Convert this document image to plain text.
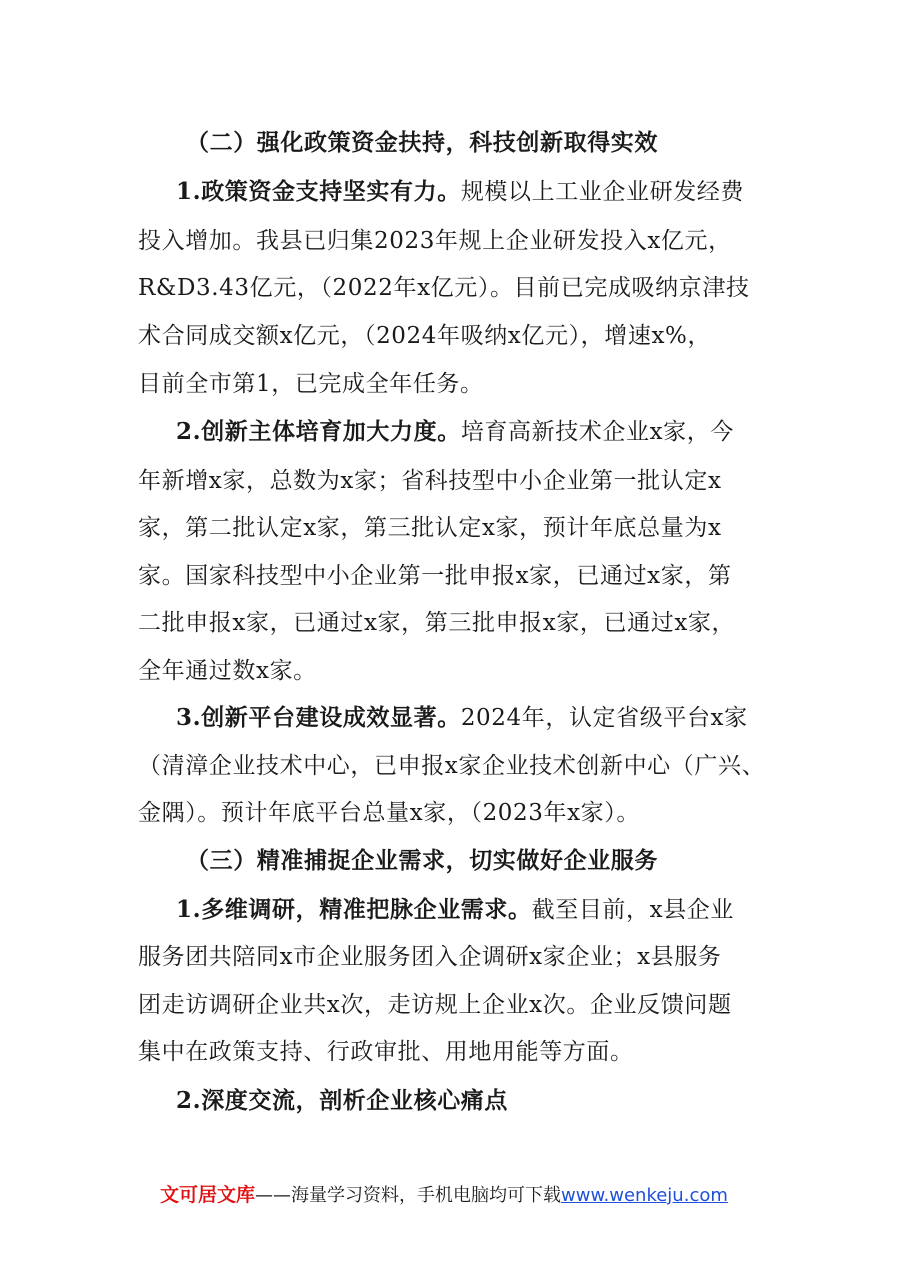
（二）强化政策资金扶持，科技创新取得实效
1.政策资金支持坚实有力。规模以上工业企业研发经费
投入增加。我县已归集2023年规上企业研发投入x亿元，
R&D3.43亿元，（2022年x亿元）。目前已完成吸纳京津技
术合同成交额x亿元，（2024年吸纳x亿元），增速x%，
目前全市第1，已完成全年任务。
2.创新主体培育加大力度。培育高新技术企业x家，今
年新增x家，总数为x家；省科技型中小企业第一批认定x
家，第二批认定x家，第三批认定x家，预计年底总量为x
家。国家科技型中小企业第一批申报x家，已通过x家，第
二批申报x家，已通过x家，第三批申报x家，已通过x家，
全年通过数x家。
3.创新平台建设成效显著。2024年，认定省级平台x家
（清漳企业技术中心，已申报x家企业技术创新中心（广兴、
金隅）。预计年底平台总量x家，（2023年x家）。
（三）精准捕捉企业需求，切实做好企业服务
1.多维调研，精准把脉企业需求。截至目前，x县企业
服务团共陪同x市企业服务团入企调研x家企业；x县服务
团走访调研企业共x次，走访规上企业x次。企业反馈问题
集中在政策支持、行政审批、用地用能等方面。
2.深度交流，剖析企业核心痛点
文可居文库——海量学习资料，手机电脑均可下载www.wenkeju.com
